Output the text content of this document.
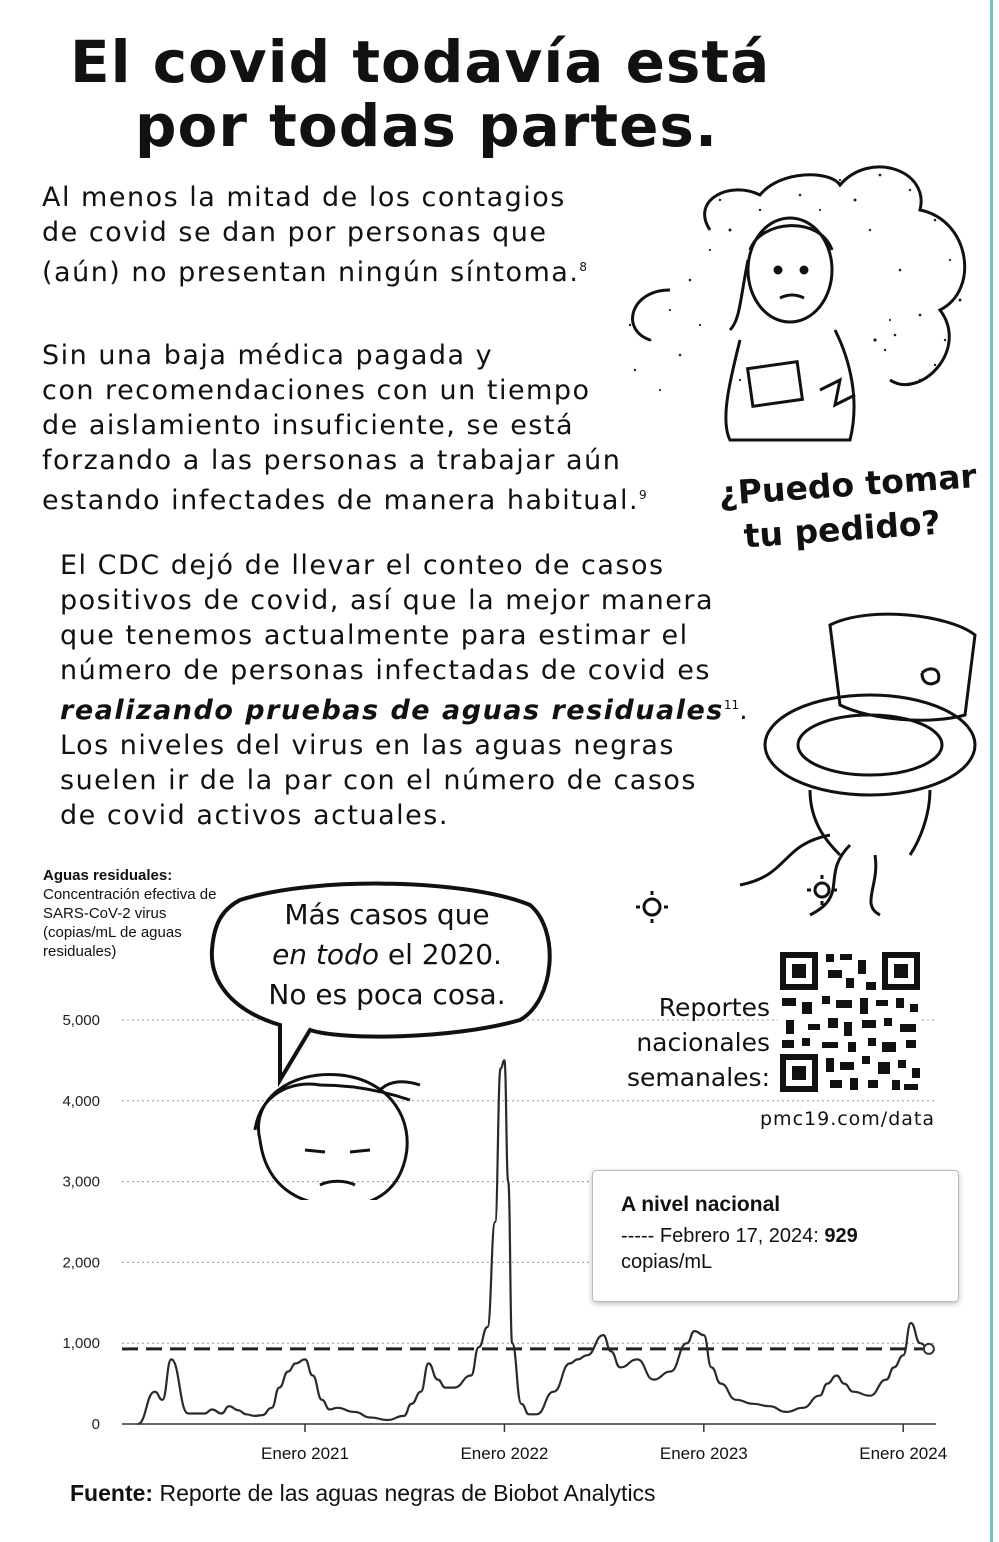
El covid todavía está
por todas partes.

Al menos la mitad de los contagios
de covid se dan por personas que
(aún) no presentan ningún síntoma.$^8$

Sin una baja médica pagada y
con recomendaciones con un tiempo
de aislamiento insuficiente, se está
forzando a las personas a trabajar aún
estando infectades de manera habitual.$^9$

El CDC dejó de llevar el conteo de casos
positivos de covid, así que la mejor manera
que tenemos actualmente para estimar el
número de personas infectadas de covid es
realizando pruebas de aguas residuales$^{11}$.
Los niveles del virus en las aguas negras
suelen ir de la par con el número de casos
de covid activos actuales.

¿Puedo tomar
tu pedido?
Aguas residuales:
Concentración efectiva de SARS-CoV-2 virus (copias/mL de aguas residuales)
5,000
4,000
3,000
2,000
1,000
0
Enero 2021	Enero 2022	Enero 2023	Enero 2024
Más casos que
en todo el 2020.
No es poca cosa.	Reportes
nacionales
semanales:
pmc19.com/data
A nivel nacional
----- Febrero 17, 2024: 929
copias/mL
Fuente: Reporte de las aguas negras de Biobot Analytics
